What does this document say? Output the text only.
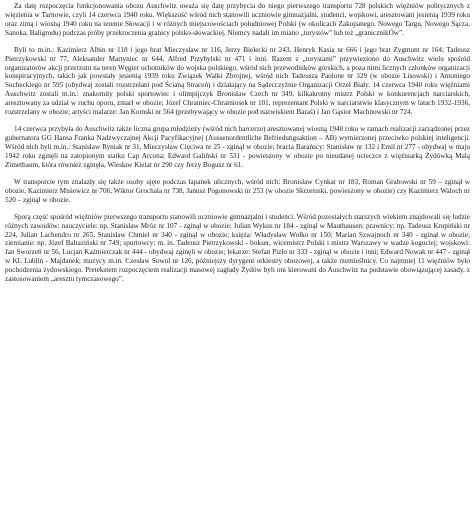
Za datę rozpoczęcia funkcjonowania obozu Auschwitz uważa się datę przybycia do niego pierwszego transportu 728 polskich więźniów politycznych z więzienia w Tarnowie, czyli 14 czerwca 1940 roku. Większość wśród nich stanowili uczniowie gimnazjalni, studenci, wojskowi, aresztowani jesienią 1939 roku oraz zimą i wiosną 1940 roku na terenie Słowacji i w różnych miejscowościach południowej Polski (w okolicach Zakopanego, Nowego Targu, Nowego Sącza, Sanoka, Baligrodu) podczas próby przekroczenia granicy polsko-słowackiej. Niemcy nadali im miano „turystów” lub też „granicznikÓw”.

Byli to m.in.: Kazimierz Albin nr 118 i jego brat Mieczysław nr 116, Jerzy Bielecki nr 243, Henryk Kasia nr 666 i jego brat Zygmunt nr 164; Tadeusz Pietrzykowski nr 77, Aleksander Martyniec nr 644, Alfred Przybylski nr 471 i inni. Razem z „turystami” przywieziono do Auschwitz wielu spośród organizatorów akcji przerzutu na teren Węgier ochotników do wojska polskiego, wśród nich przewodników górskich, a poza nimi licznych członków organizacji konspiracyjnych, takich jak powstały jesienią 1939 roku Związek Walki Zbrojnej, wśród nich Tadeusza Paolone nr 329 (w obozie Lisowski) i Antoniego Sucheckiego nr 595 (obydwaj zostali rozstrzelani pod Ścianą Straceń) i działający na Sądecczyźnie Organizacji Orzeł Biały. 14 czerwca 1940 roku więźniami Auschwitz zostali m.in.: znakomity polski sportowiec i olimpijczyk Bronisław Czech nr 349, kilkakrotny mistrz Polski w konkurencjach narciarskich, aresztowany za udział w ruchu oporu, zmarł w obozie; Józef Chramiec-Chramiosek nr 101, reprezentant Polski w narciarstwie klasycznym w latach 1932-1936, rozstrzelany w obozie; artyści malarze: Jan Komski nr 564 (przebywający w obozie pod nazwiskiem Baraś) i Jan Gąsior Machnowski nr 724.

14 czerwca przybyła do Auschwitz także liczna grupa młodzieży (wśród nich harcerze) aresztowanej wiosną 1940 roku w ramach realizacji zarządzonej przez gubernatora GG Hansa Franka Nadzwyczajnej Akcji Pacyfikacyjnej (Aussenordentliche Befriedungsaktion – AB) wymierzonej przeciwko polskiej inteligencji. Wśród nich byli m.in.: Stanisław Ryniak nr 31, Mieczysław Cięciwa nr 25 - zginął w obozie; bracia Barańscy: Stanisław nr 132 i Emil nr 277 - obydwaj w maju 1942 roku zginęli na zatopionym statku Cap Arcona; Edward Galiński nr 531 - powieszony w obozie po nieudanej ucieczce z więźniarką Żydówką Malą Zimetbaum, która również zginęła, Wiesław Kielar nr 290 czy Jerzy Bogusz nr 61.

W transporcie tym znalazły się także osoby ujęte podczas łapanek ulicznych, wśród nich: Bronisław Cynkar nr 183, Roman Grabowski nr 59 – zginął w obozie, Kazimierz Misiewicz nr 706, Wiktor Grochala nr 738, Janusz Pogonowski nr 253 (w obozie Skrzetuski, powieszony w obozie) czy Kazimierz Waloch nr 520 – zginął w obozie.

Sporą część spośród więźniów pierwszego transportu stanowili uczniowie gimnazjalni i studenci. Wśród pozostałych starszych wiekiem znajdowali się ludzie różnych zawodów: nauczyciele: np. Stanisław Mróz nr 107 - zginął w obozie; Julian Wykus nr 184 - zginął w Mauthausen; prawnicy: np. Tadeusz Krupiński nr 224, Julian Lachendro nr 265, Stanisław Chmiel nr 340 - zginął w obozie; księża: Władysław Wołko nr 150; Marian Szwajnoch nr 340 - zginął w obozie; ziemianie: np. Józef Baltaziński nr 749; sportowcy: m. in. Tadeusz Pietrzykowski - bokser, wicemistrz Polski i mistrz Warszawy w wadze koguciej; wojskowi: Jan Sworzeń nr 56, Lucjan Kaźmierczak nr 444 - obydwaj zginęli w obozie; lekarze: Stefan Pizło nr 333 - zginął w obozie i inni; Edward Nowak nr 447 - zginął w KL Lublin - Majdanek; muzycy m.in. Czesław Sowul nr 126, późniejszy dyrygent orkiestry obozowej, a także rzemieślnicy. Co najmniej 11 więźniów było pochodzenia żydowskiego. Pretekstem rozpoczęciem realizacji masowej zagłady Żydów byli oni kierowani do Auschwitz na podstawie obowiązującej zasady, z zastosowaniem „aresztu tymczasowego”.
